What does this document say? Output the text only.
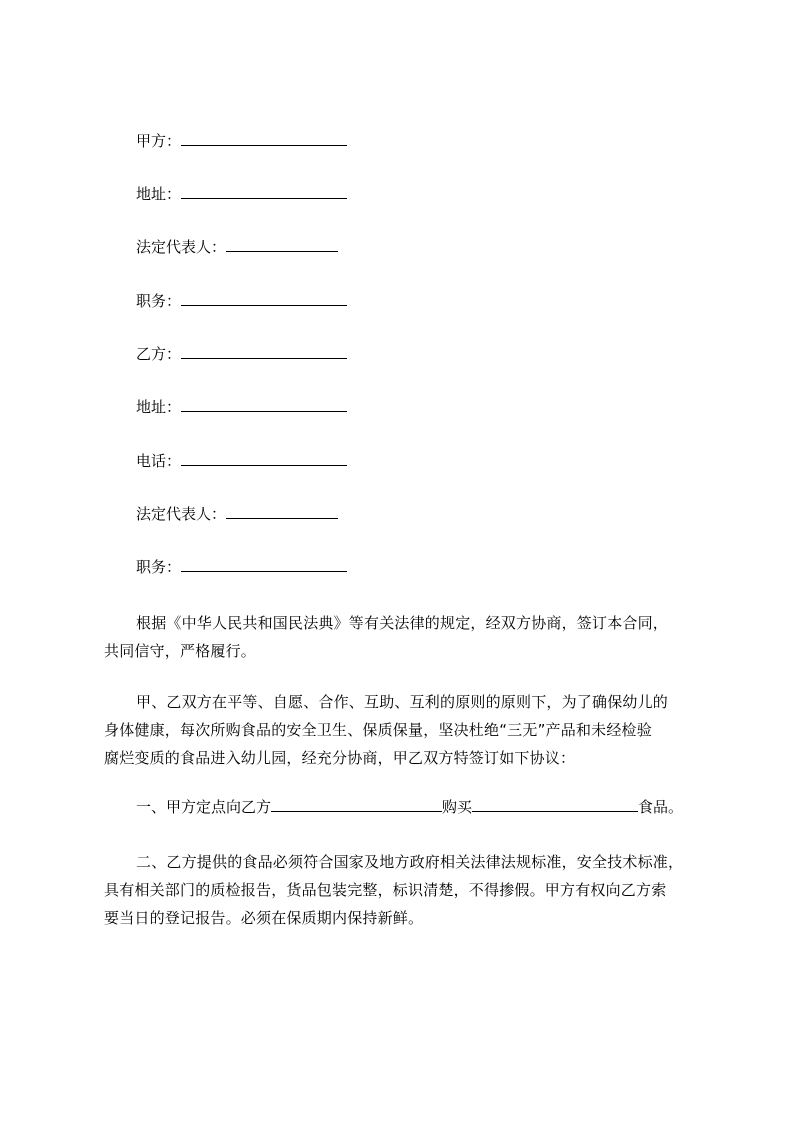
甲方：
地址：
法定代表人：
职务：
乙方：
地址：
电话：
法定代表人：
职务：
根据《中华人民共和国民法典》等有关法律的规定，经双方协商，签订本合同，
共同信守，严格履行。
甲、乙双方在平等、自愿、合作、互助、互利的原则的原则下，为了确保幼儿的
身体健康，每次所购食品的安全卫生、保质保量，坚决杜绝“三无”产品和未经检验
腐烂变质的食品进入幼儿园，经充分协商，甲乙双方特签订如下协议：
一、甲方定点向乙方	购买	食品。
二、乙方提供的食品必须符合国家及地方政府相关法律法规标准，安全技术标准，
具有相关部门的质检报告，货品包装完整，标识清楚，不得掺假。甲方有权向乙方索
要当日的登记报告。必须在保质期内保持新鲜。
